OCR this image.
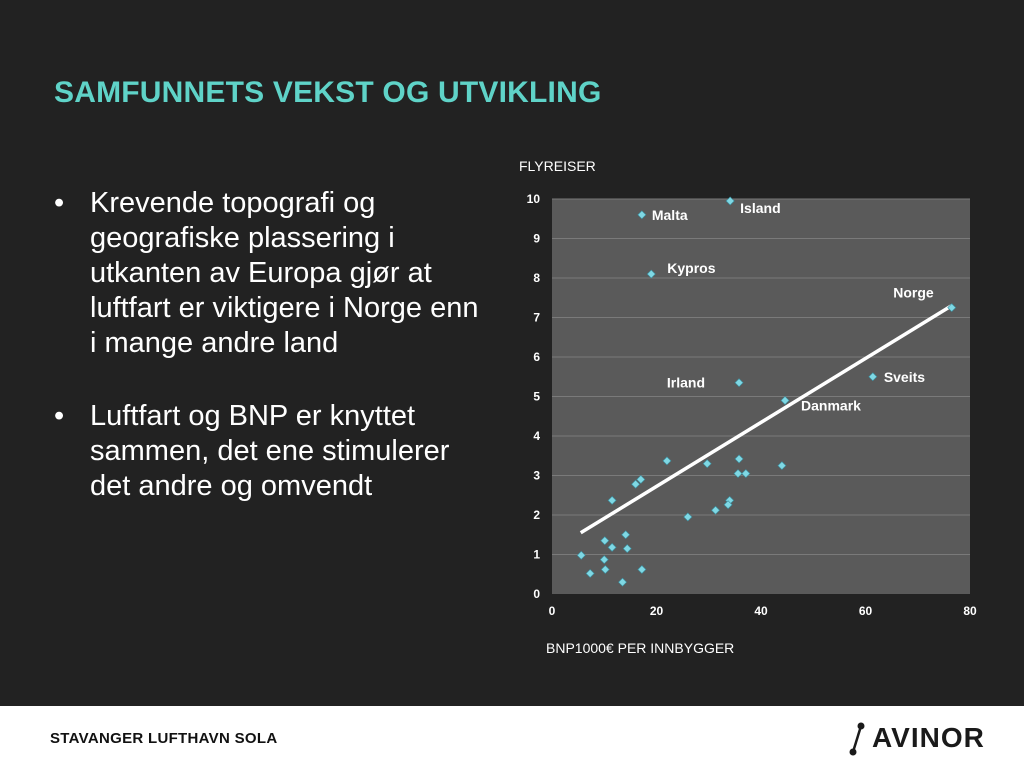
SAMFUNNETS VEKST OG UTVIKLING
• Krevende topografi og geografiske plassering i utkanten av Europa gjør at luftfart er viktigere i Norge enn i mange andre land
• Luftfart og BNP er knyttet sammen, det ene stimulerer det andre og omvendt
FLYREISER
BNP1000€ PER INNBYGGER
0
1
2
3
4
5
6
7
8
9
10
0	20	40	60	80
Island
Malta
Kypros
Norge
Sveits
Irland
Danmark
STAVANGER LUFTHAVN SOLA	AVINOR
